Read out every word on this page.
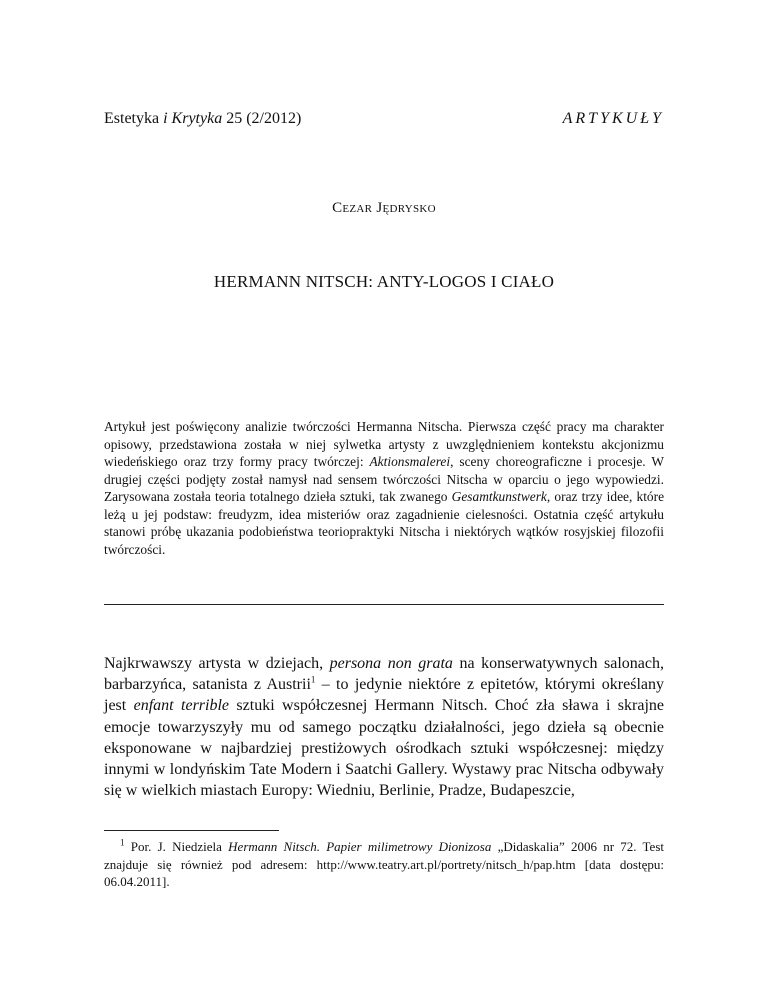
Estetyka i Krytyka 25 (2/2012)	ARTYKUŁY
Cezar Jędrysko
HERMANN NITSCH: ANTY-LOGOS I CIAŁO
Artykuł jest poświęcony analizie twórczości Hermanna Nitscha. Pierwsza część pracy ma charakter opisowy, przedstawiona została w niej sylwetka artysty z uwzględnieniem kontekstu akcjonizmu wiedeńskiego oraz trzy formy pracy twórczej: Aktionsmalerei, sceny choreograficzne i procesje. W drugiej części podjęty został namysł nad sensem twórczości Nitscha w oparciu o jego wypowiedzi. Zarysowana została teoria totalnego dzieła sztuki, tak zwanego Gesamtkunstwerk, oraz trzy idee, które leżą u jej podstaw: freudyzm, idea misteriów oraz zagadnienie cielesności. Ostatnia część artykułu stanowi próbę ukazania podobieństwa teoriopraktyki Nitscha i niektórych wątków rosyjskiej filozofii twórczości.
Najkrwawszy artysta w dziejach, persona non grata na konserwatywnych salonach, barbarzyńca, satanista z Austrii$^1$ – to jedynie niektóre z epitetów, którymi określany jest enfant terrible sztuki współczesnej Hermann Nitsch. Choć zła sława i skrajne emocje towarzyszyły mu od samego początku działalności, jego dzieła są obecnie eksponowane w najbardziej prestiżowych ośrodkach sztuki współczesnej: między innymi w londyńskim Tate Modern i Saatchi Gallery. Wystawy prac Nitscha odbywały się w wielkich miastach Europy: Wiedniu, Berlinie, Pradze, Budapeszcie,
$^1$ Por. J. Niedziela Hermann Nitsch. Papier milimetrowy Dionizosa „Didaskalia” 2006 nr 72. Test znajduje się również pod adresem: http://www.teatry.art.pl/portrety/nitsch_h/pap.htm [data dostępu: 06.04.2011].
